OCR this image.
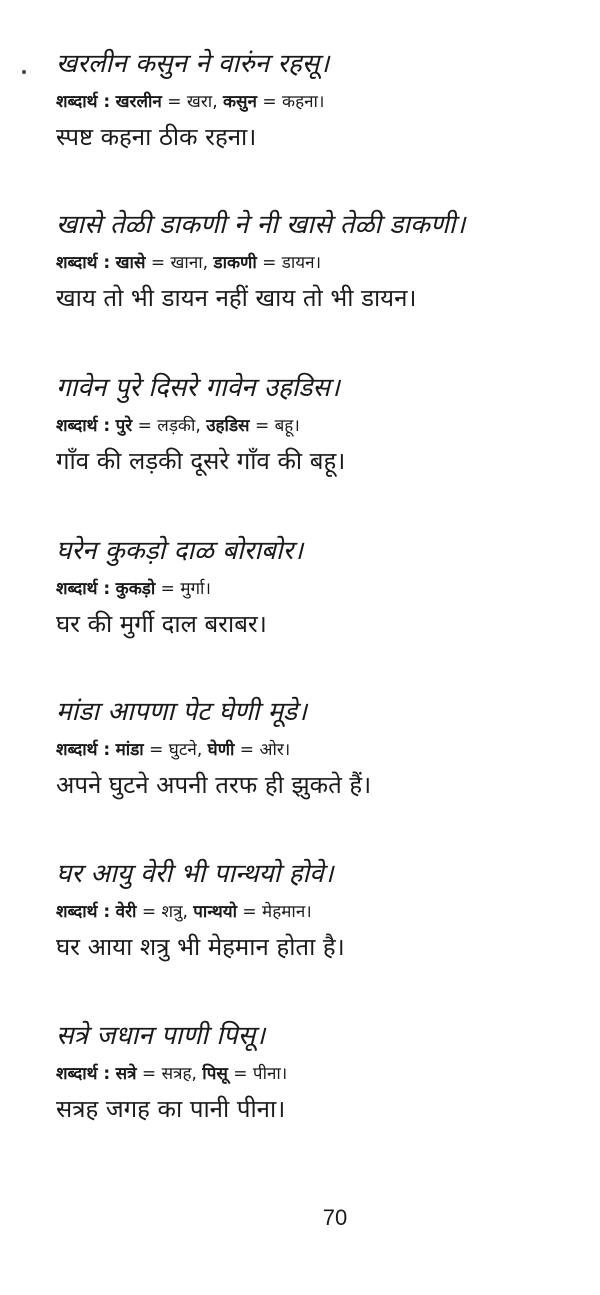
खरलीन कसुन ने वारुंन रहसू।
शब्दार्थ : खरलीन = खरा, कसुन = कहना।
स्पष्ट कहना ठीक रहना।
खासे तेळी डाकणी ने नी खासे तेळी डाकणी।
शब्दार्थ : खासे = खाना, डाकणी = डायन।
खाय तो भी डायन नहीं खाय तो भी डायन।
गावेन पुरे दिसरे गावेन उहडिस।
शब्दार्थ : पुरे = लड़की, उहडिस = बहू।
गाँव की लड़की दूसरे गाँव की बहू।
घरेन कुकड़ो दाळ बोराबोर।
शब्दार्थ : कुकड़ो = मुर्गा।
घर की मुर्गी दाल बराबर।
मांडा आपणा पेट घेणी मूडे।
शब्दार्थ : मांडा = घुटने, घेणी = ओर।
अपने घुटने अपनी तरफ ही झुकते हैं।
घर आयु वेरी भी पान्थयो होवे।
शब्दार्थ : वेरी = शत्रु, पान्थयो = मेहमान।
घर आया शत्रु भी मेहमान होता है।
सत्रे जधान पाणी पिसू।
शब्दार्थ : सत्रे = सत्रह, पिसू = पीना।
सत्रह जगह का पानी पीना।
70
